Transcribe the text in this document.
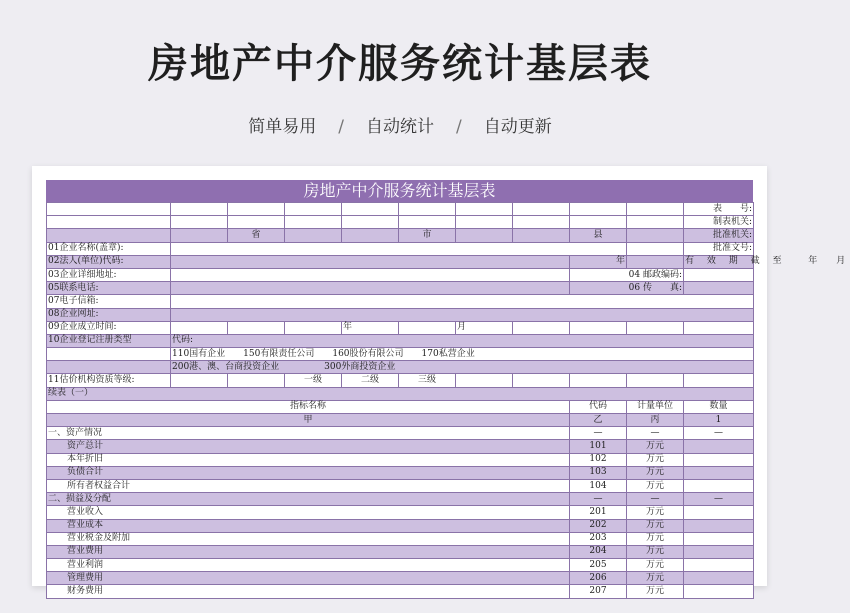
房地产中介服务统计基层表
简单易用 / 自动统计 / 自动更新
房地产中介服务统计基层表
										表　　号:
										制表机关:
		省			市			县		批准机关:
01企业名称(盖章):										批准文号:
02法人(单位)代码:								年		有 效 期 截 至 　年　月
03企业详细地址:								04 邮政编码:		
05联系电话:								06 传　　真:		
07电子信箱:										
08企业网址:										
09企业成立时间:				年		月				
10企业登记注册类型	代码:									
	110国有企业　　150有限责任公司　　160股份有限公司　　170私营企业									
	200港、澳、台商投资企业　　　　　300外商投资企业									
11估价机构资质等级:			一级	二级	三级					
续表（一）										
指标名称								代码	计量单位	数量
甲								乙	丙	1
一、资产情况								—	—	—
资产总计								101	万元	
本年折旧								102	万元	
负债合计								103	万元	
所有者权益合计								104	万元	
二、损益及分配								—	—	—
营业收入								201	万元	
营业成本								202	万元	
营业税金及附加								203	万元	
营业费用								204	万元	
营业利润								205	万元	
管理费用								206	万元	
财务费用								207	万元	
